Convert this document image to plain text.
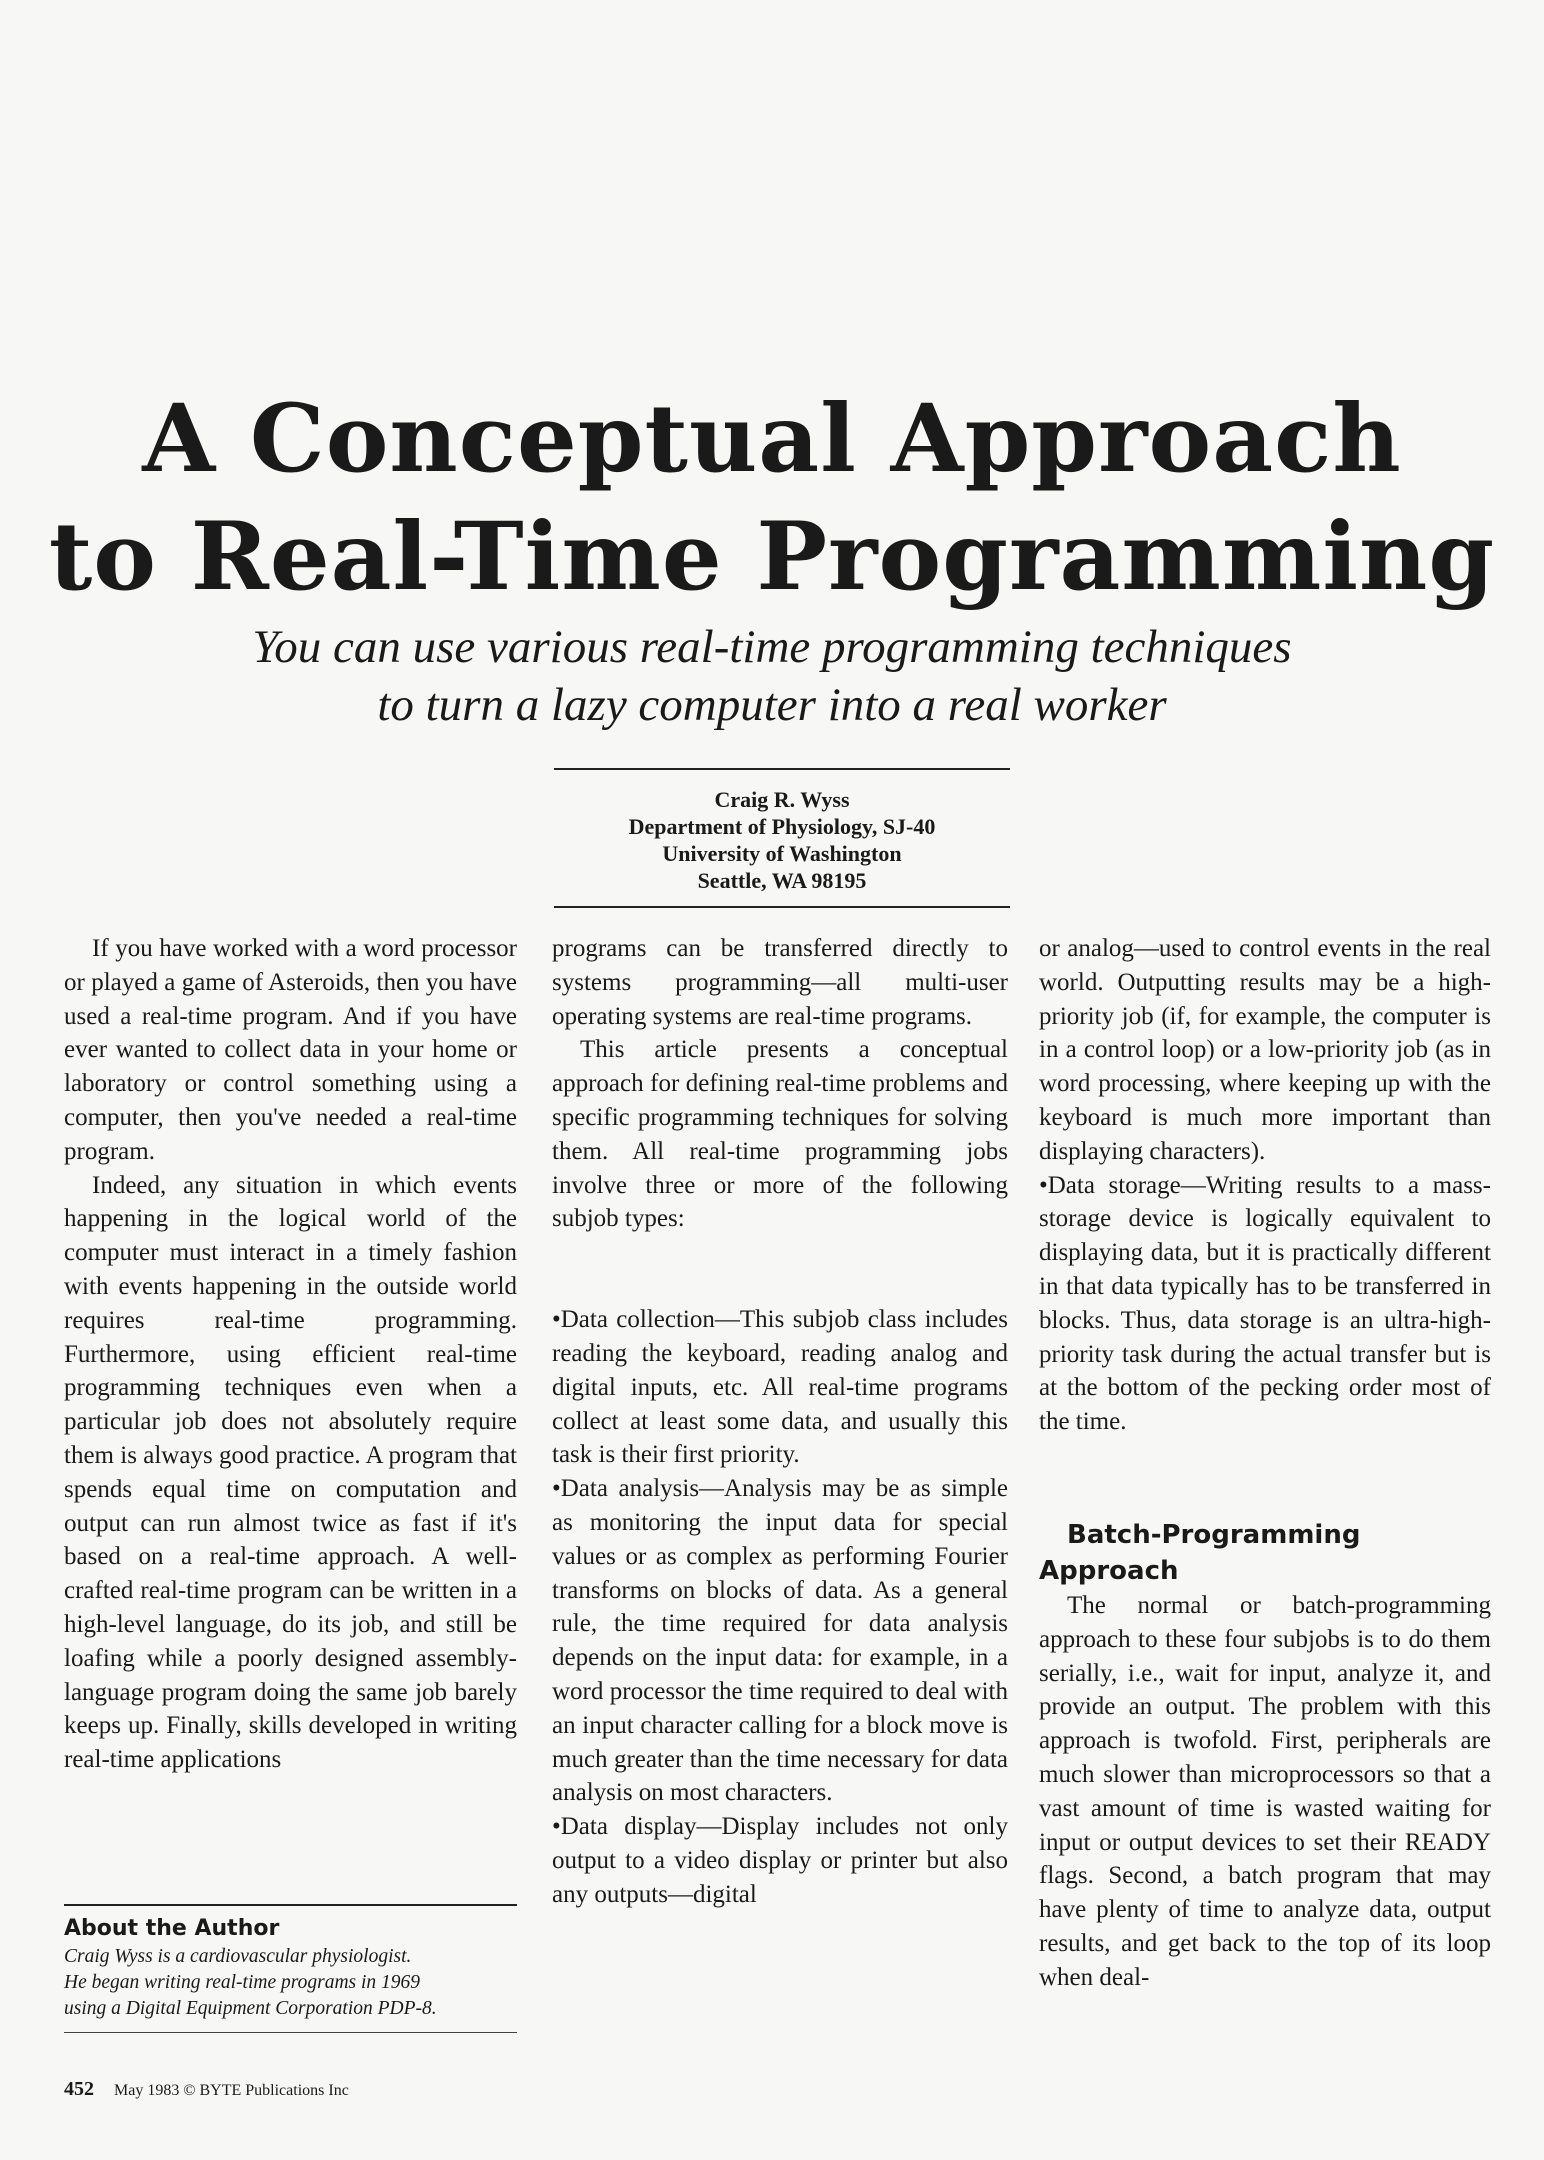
A Conceptual Approach
to Real-Time Programming
You can use various real-time programming techniques
to turn a lazy computer into a real worker
Craig R. Wyss
Department of Physiology, SJ-40
University of Washington
Seattle, WA 98195

If you have worked with a word processor or played a game of Asteroids, then you have used a real-time program. And if you have ever wanted to collect data in your home or laboratory or control something using a computer, then you've needed a real-time program.

Indeed, any situation in which events happening in the logical world of the computer must interact in a timely fashion with events happening in the outside world requires real-time programming. Furthermore, using efficient real-time programming techniques even when a particular job does not absolutely require them is always good practice. A program that spends equal time on computation and output can run almost twice as fast if it's based on a real-time approach. A well-crafted real-time program can be written in a high-level language, do its job, and still be loafing while a poorly designed assembly-language program doing the same job barely keeps up. Finally, skills developed in writing real-time applications

programs can be transferred directly to systems programming—all multi-user operating systems are real-time programs.

This article presents a conceptual approach for defining real-time problems and specific programming techniques for solving them. All real-time programming jobs involve three or more of the following subjob types:

•Data collection—This subjob class includes reading the keyboard, reading analog and digital inputs, etc. All real-time programs collect at least some data, and usually this task is their first priority.

•Data analysis—Analysis may be as simple as monitoring the input data for special values or as complex as performing Fourier transforms on blocks of data. As a general rule, the time required for data analysis depends on the input data: for example, in a word processor the time required to deal with an input character calling for a block move is much greater than the time necessary for data analysis on most characters.

•Data display—Display includes not only output to a video display or printer but also any outputs—digital

or analog—used to control events in the real world. Outputting results may be a high-priority job (if, for example, the computer is in a control loop) or a low-priority job (as in word processing, where keeping up with the keyboard is much more important than displaying characters).

•Data storage—Writing results to a mass-storage device is logically equivalent to displaying data, but it is practically different in that data typically has to be transferred in blocks. Thus, data storage is an ultra-high-priority task during the actual transfer but is at the bottom of the pecking order most of the time.

Batch-Programming Approach

The normal or batch-programming approach to these four subjobs is to do them serially, i.e., wait for input, analyze it, and provide an output. The problem with this approach is twofold. First, peripherals are much slower than microprocessors so that a vast amount of time is wasted waiting for input or output devices to set their READY flags. Second, a batch program that may have plenty of time to analyze data, output results, and get back to the top of its loop when deal-

About the Author
Craig Wyss is a cardiovascular physiologist.
He began writing real-time programs in 1969
using a Digital Equipment Corporation PDP-8.
452 May 1983 © BYTE Publications Inc
